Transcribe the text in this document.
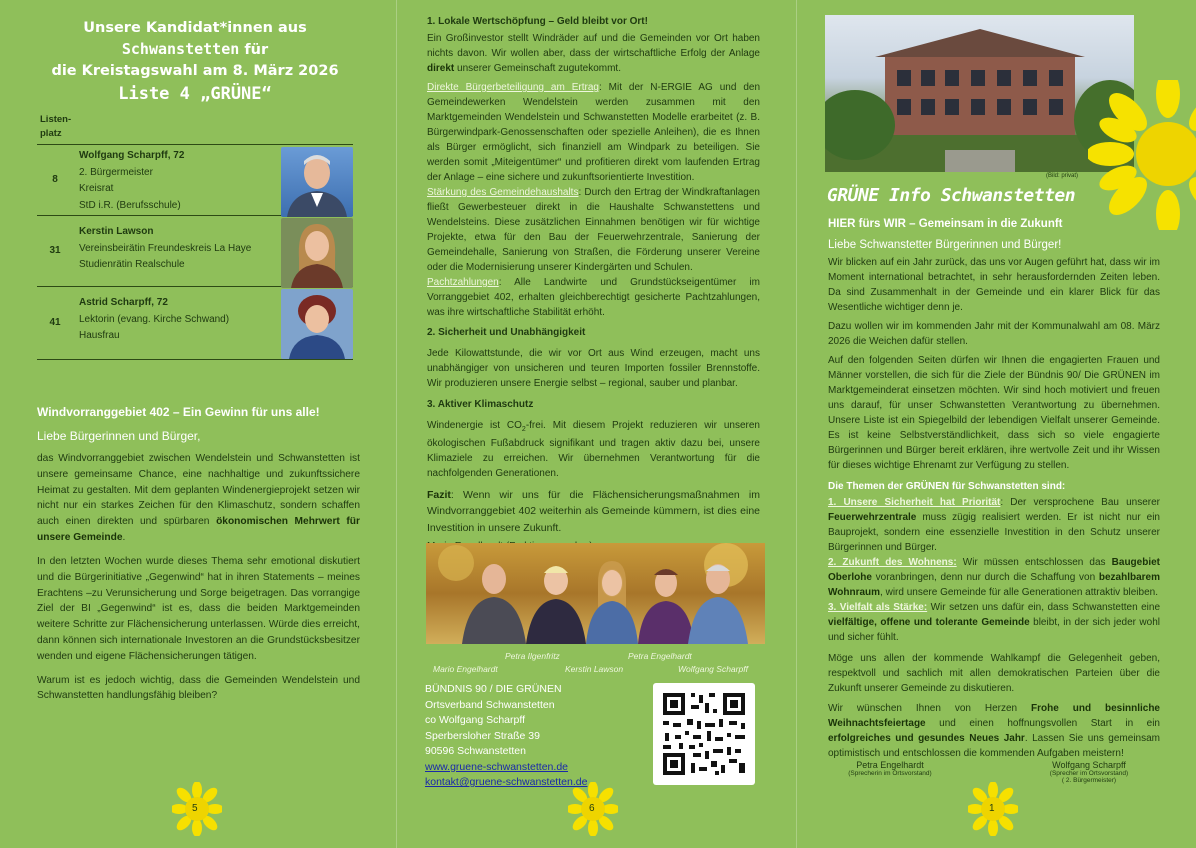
Unsere Kandidat*innen aus
Schwanstetten für
die Kreistagswahl am 8. März 2026
Liste 4 „GRÜNE“
Listen-
platz
8
Wolfgang Scharpff, 72
2. Bürgermeister
Kreisrat
StD i.R. (Berufsschule)
31
Kerstin Lawson
Vereinsbeirätin Freundeskreis La Haye
Studienrätin Realschule
41
Astrid Scharpff, 72
Lektorin (evang. Kirche Schwand)
Hausfrau
Windvorranggebiet 402 – Ein Gewinn für uns alle!
Liebe Bürgerinnen und Bürger,

das Windvorranggebiet zwischen Wendelstein und Schwanstetten ist unsere gemeinsame Chance, eine nachhaltige und zukunftssichere Heimat zu gestalten. Mit dem geplanten Windenergieprojekt setzen wir nicht nur ein starkes Zeichen für den Klimaschutz, sondern schaffen auch einen direkten und spürbaren ökonomischen Mehrwert für unsere Gemeinde.

In den letzten Wochen wurde dieses Thema sehr emotional diskutiert und die Bürgerinitiative „Gegenwind“ hat in ihren Statements – meines Erachtens –zu Verunsicherung und Sorge beigetragen. Das vorrangige Ziel der BI „Gegenwind“ ist es, dass die beiden Marktgemeinden weitere Schritte zur Flächensicherung unterlassen. Würde dies erreicht, dann können sich internationale Investoren an die Grundstücksbesitzer wenden und eigene Flächensicherungen tätigen.

Warum ist es jedoch wichtig, dass die Gemeinden Wendelstein und Schwanstetten handlungsfähig bleiben?

5
1. Lokale Wertschöpfung – Geld bleibt vor Ort!

Ein Großinvestor stellt Windräder auf und die Gemeinden vor Ort haben nichts davon. Wir wollen aber, dass der wirtschaftliche Erfolg der Anlage direkt unserer Gemeinschaft zugutekommt.

Direkte Bürgerbeteiligung am Ertrag: Mit der N-ERGIE AG und den Gemeindewerken Wendelstein werden zusammen mit den Marktgemeinden Wendelstein und Schwanstetten Modelle erarbeitet (z. B. Bürgerwindpark-Genossenschaften oder spezielle Anleihen), die es Ihnen als Bürger ermöglicht, sich finanziell am Windpark zu beteiligen. Sie werden somit „Miteigentümer“ und profitieren direkt vom laufenden Ertrag der Anlage – eine sichere und zukunftsorientierte Investition.

Stärkung des Gemeindehaushalts: Durch den Ertrag der Windkraftanlagen fließt Gewerbesteuer direkt in die Haushalte Schwanstettens und Wendelsteins. Diese zusätzlichen Einnahmen benötigen wir für wichtige Projekte, etwa für den Bau der Feuerwehrzentrale, Sanierung der Gemeindehalle, Sanierung von Straßen, die Förderung unserer Vereine oder die Modernisierung unserer Kindergärten und Schulen.

Pachtzahlungen: Alle Landwirte und Grundstückseigentümer im Vorranggebiet 402, erhalten gleichberechtigt gesicherte Pachtzahlungen, was ihre wirtschaftliche Stabilität erhöht.

2. Sicherheit und Unabhängigkeit

Jede Kilowattstunde, die wir vor Ort aus Wind erzeugen, macht uns unabhängiger von unsicheren und teuren Importen fossiler Brennstoffe. Wir produzieren unsere Energie selbst – regional, sauber und planbar.

3. Aktiver Klimaschutz

Windenergie ist $CO_2$-frei. Mit diesem Projekt reduzieren wir unseren ökologischen Fußabdruck signifikant und tragen aktiv dazu bei, unsere Klimaziele zu erreichen. Wir übernehmen Verantwortung für die nachfolgenden Generationen.

Fazit: Wenn wir uns für die Flächensicherungsmaßnahmen im Windvorranggebiet 402 weiterhin als Gemeinde kümmern, ist dies eine Investition in unsere Zukunft.

Petra Ilgenfritz	Petra Engelhardt
Mario Engelhardt	Kerstin Lawson	Wolfgang Scharpff
BÜNDNIS 90 / DIE GRÜNEN
Ortsverband Schwanstetten
co Wolfgang Scharpff
Sperbersloher Straße 39
90596 Schwanstetten
www.gruene-schwanstetten.de
kontakt@gruene-schwanstetten.de
6
(Bild: privat)
GRÜNE Info Schwanstetten
HIER fürs WIR – Gemeinsam in die Zukunft
Liebe Schwanstetter Bürgerinnen und Bürger!

Wir blicken auf ein Jahr zurück, das uns vor Augen geführt hat, dass wir im Moment international betrachtet, in sehr herausfordernden Zeiten leben. Da sind Zusammenhalt in der Gemeinde und ein klarer Blick für das Wesentliche wichtiger denn je.

Dazu wollen wir im kommenden Jahr mit der Kommunalwahl am 08. März 2026 die Weichen dafür stellen.

Auf den folgenden Seiten dürfen wir Ihnen die engagierten Frauen und Männer vorstellen, die sich für die Ziele der Bündnis 90/ Die GRÜNEN im Marktgemeinderat einsetzen möchten. Wir sind hoch motiviert und freuen uns darauf, für unser Schwanstetten Verantwortung zu übernehmen. Unsere Liste ist ein Spiegelbild der lebendigen Vielfalt unserer Gemeinde. Es ist keine Selbstverständlichkeit, dass sich so viele engagierte Bürgerinnen und Bürger bereit erklären, ihre wertvolle Zeit und ihr Wissen für dieses wichtige Ehrenamt zur Verfügung zu stellen.

Die Themen der GRÜNEN für Schwanstetten sind:

1. Unsere Sicherheit hat Priorität: Der versprochene Bau unserer Feuerwehrzentrale muss zügig realisiert werden. Er ist nicht nur ein Bauprojekt, sondern eine essenzielle Investition in den Schutz unserer Bürgerinnen und Bürger.

2. Zukunft des Wohnens: Wir müssen entschlossen das Baugebiet Oberlohe voranbringen, denn nur durch die Schaffung von bezahlbarem Wohnraum, wird unsere Gemeinde für alle Generationen attraktiv bleiben.

3. Vielfalt als Stärke: Wir setzen uns dafür ein, dass Schwanstetten eine vielfältige, offene und tolerante Gemeinde bleibt, in der sich jeder wohl und sicher fühlt.

Möge uns allen der kommende Wahlkampf die Gelegenheit geben, respektvoll und sachlich mit allen demokratischen Parteien über die Zukunft unserer Gemeinde zu diskutieren.

Wir wünschen Ihnen von Herzen Frohe und besinnliche Weihnachtsfeiertage und einen hoffnungsvollen Start in ein erfolgreiches und gesundes Neues Jahr. Lassen Sie uns gemeinsam optimistisch und entschlossen die kommenden Aufgaben meistern!

Petra Engelhardt
(Sprecherin im Ortsvorstand)
Wolfgang Scharpff
(Sprecher im Ortsvorstand)
( 2. Bürgermeister)
1
